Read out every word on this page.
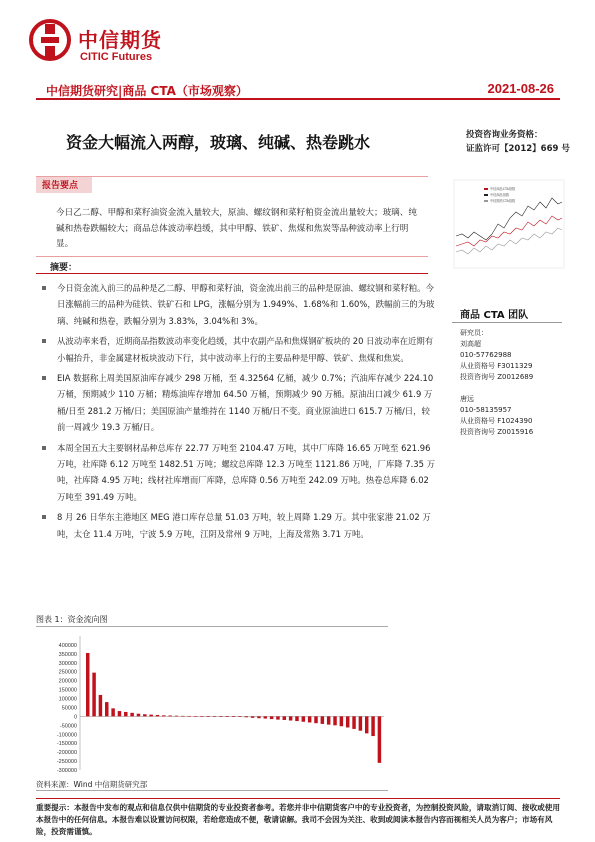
中信期货
CITIC Futures
中信期货研究|商品 CTA（市场观察）	2021-08-26
资金大幅流入两醇，玻璃、纯碱、热卷跳水	投资咨询业务资格：
证监许可【2012】669 号
报告要点
今日乙二醇、甲醇和菜籽油资金流入量较大，原油、螺纹钢和菜籽粕资金流出量较大；玻璃、纯碱和热卷跌幅较大；商品总体波动率趋缓，其中甲醇、铁矿、焦煤和焦炭等品种波动率上行明显。
中信商品CTA指数
中信商品指数
中信期货CTA指数
摘要：
今日资金流入前三的品种是乙二醇、甲醇和菜籽油，资金流出前三的品种是原油、螺纹钢和菜籽粕。今日涨幅前三的品种为硅铁、铁矿石和 LPG，涨幅分别为 1.949%、1.68%和 1.60%，跌幅前三的为玻璃、纯碱和热卷，跌幅分别为 3.83%，3.04%和 3%。
从波动率来看，近期商品指数波动率变化趋缓，其中农副产品和焦煤钢矿板块的 20 日波动率在近期有小幅抬升，非金属建材板块波动下行，其中波动率上行的主要品种是甲醇、铁矿、焦煤和焦炭。
EIA 数据称上周美国原油库存减少 298 万桶，至 4.32564 亿桶，减少 0.7%；汽油库存减少 224.10 万桶，预期减少 110 万桶；精炼油库存增加 64.50 万桶，预期减少 90 万桶。原油出口减少 61.9 万桶/日至 281.2 万桶/日；美国原油产量维持在 1140 万桶/日不变。商业原油进口 615.7 万桶/日，较前一周减少 19.3 万桶/日。
本周全国五大主要钢材品种总库存 22.77 万吨至 2104.47 万吨，其中厂库降 16.65 万吨至 621.96 万吨，社库降 6.12 万吨至 1482.51 万吨；螺纹总库降 12.3 万吨至 1121.86 万吨，厂库降 7.35 万吨，社库降 4.95 万吨；线材社库增而厂库降，总库降 0.56 万吨至 242.09 万吨。热卷总库降 6.02 万吨至 391.49 万吨。
8 月 26 日华东主港地区 MEG 港口库存总量 51.03 万吨，较上周降 1.29 万。其中张家港 21.02 万吨，太仓 11.4 万吨，宁波 5.9 万吨，江阴及常州 9 万吨，上海及常熟 3.71 万吨。
商品 CTA 团队
研究员：
刘高超
010-57762988
从业资格号 F3011329
投资咨询号 Z0012689
唐远
010-58135957
从业资格号 F1024390
投资咨询号 Z0015916
图表 1：资金流向图
400000
350000
300000
250000
200000
150000
100000
50000
0
-50000
-100000
-150000
-200000
-250000
-300000
资料来源：Wind 中信期货研究部
重要提示：本报告中发布的观点和信息仅供中信期货的专业投资者参考。若您并非中信期货客户中的专业投资者，为控制投资风险，请取消订阅、接收或使用本报告中的任何信息。本报告难以设置访问权限，若给您造成不便，敬请谅解。我司不会因为关注、收到或阅读本报告内容而视相关人员为客户；市场有风险，投资需谨慎。
